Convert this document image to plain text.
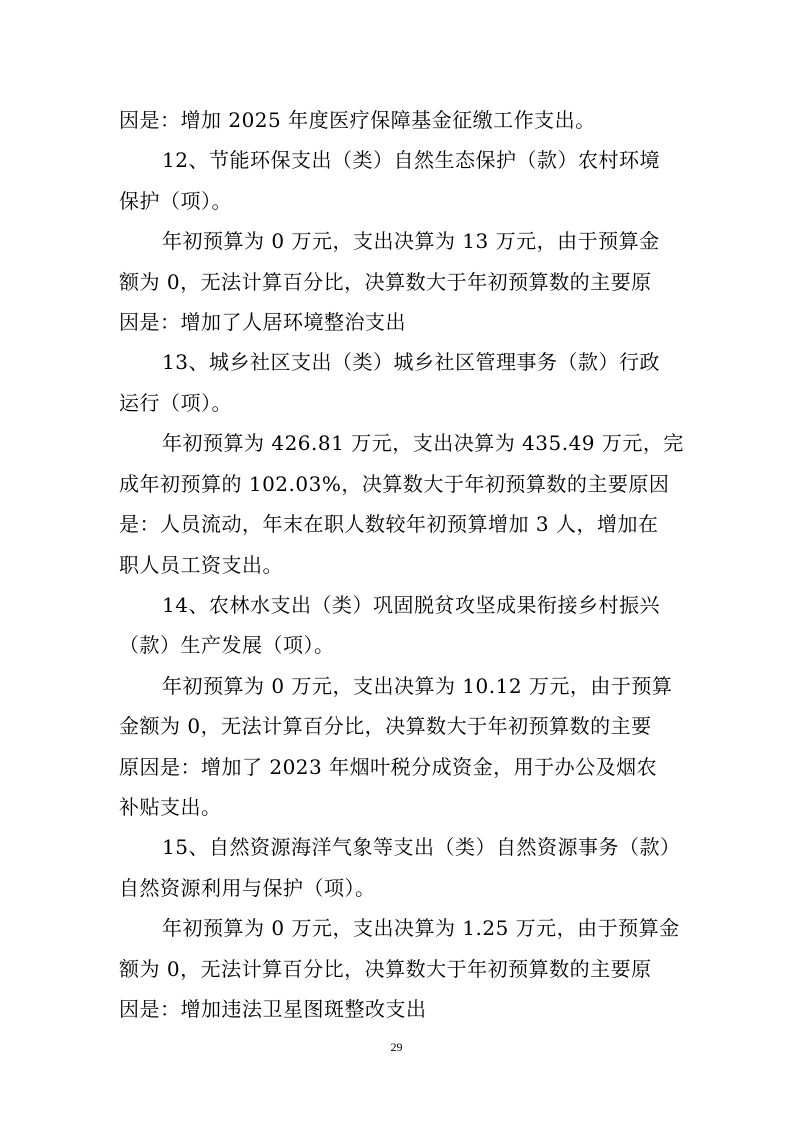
因是：增加 2025 年度医疗保障基金征缴工作支出。
12、节能环保支出（类）自然生态保护（款）农村环境
保护（项）。
年初预算为 0 万元，支出决算为 13 万元，由于预算金
额为 0，无法计算百分比，决算数大于年初预算数的主要原
因是：增加了人居环境整治支出
13、城乡社区支出（类）城乡社区管理事务（款）行政
运行（项）。
年初预算为 426.81 万元，支出决算为 435.49 万元，完
成年初预算的 102.03%，决算数大于年初预算数的主要原因
是：人员流动，年末在职人数较年初预算增加 3 人，增加在
职人员工资支出。
14、农林水支出（类）巩固脱贫攻坚成果衔接乡村振兴
（款）生产发展（项）。
年初预算为 0 万元，支出决算为 10.12 万元，由于预算
金额为 0，无法计算百分比，决算数大于年初预算数的主要
原因是：增加了 2023 年烟叶税分成资金，用于办公及烟农
补贴支出。
15、自然资源海洋气象等支出（类）自然资源事务（款）
自然资源利用与保护（项）。
年初预算为 0 万元，支出决算为 1.25 万元，由于预算金
额为 0，无法计算百分比，决算数大于年初预算数的主要原
因是：增加违法卫星图斑整改支出
29
